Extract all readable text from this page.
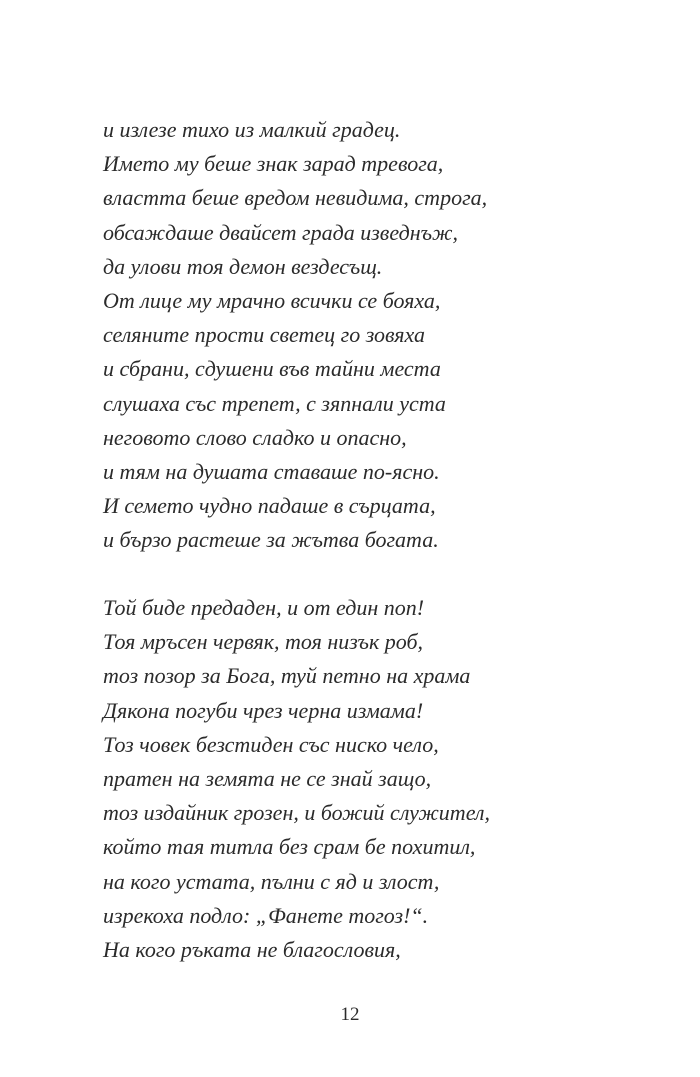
и излезе тихо из малкий градец.
Името му беше знак зарад тревога,
властта беше вредом невидима, строга,
обсаждаше двайсет града изведнъж,
да улови тоя демон вездесъщ.
От лице му мрачно всички се бояха,
селяните прости светец го зовяха
и сбрани, сдушени във тайни места
слушаха със трепет, с зяпнали уста
неговото слово сладко и опасно,
и тям на душата ставаше по-ясно.
И семето чудно падаше в сърцата,
и бързо растеше за жътва богата.
Той биде предаден, и от един поп!
Тоя мръсен червяк, тоя низък роб,
тоз позор за Бога, туй петно на храма
Дякона погуби чрез черна измама!
Тоз човек безстиден със ниско чело,
пратен на земята не се знай защо,
тоз издайник грозен, и божий служител,
който тая титла без срам бе похитил,
на кого устата, пълни с яд и злост,
изрекоха подло: „Фанете тогоз!“.
На кого ръката не благословия,
12
